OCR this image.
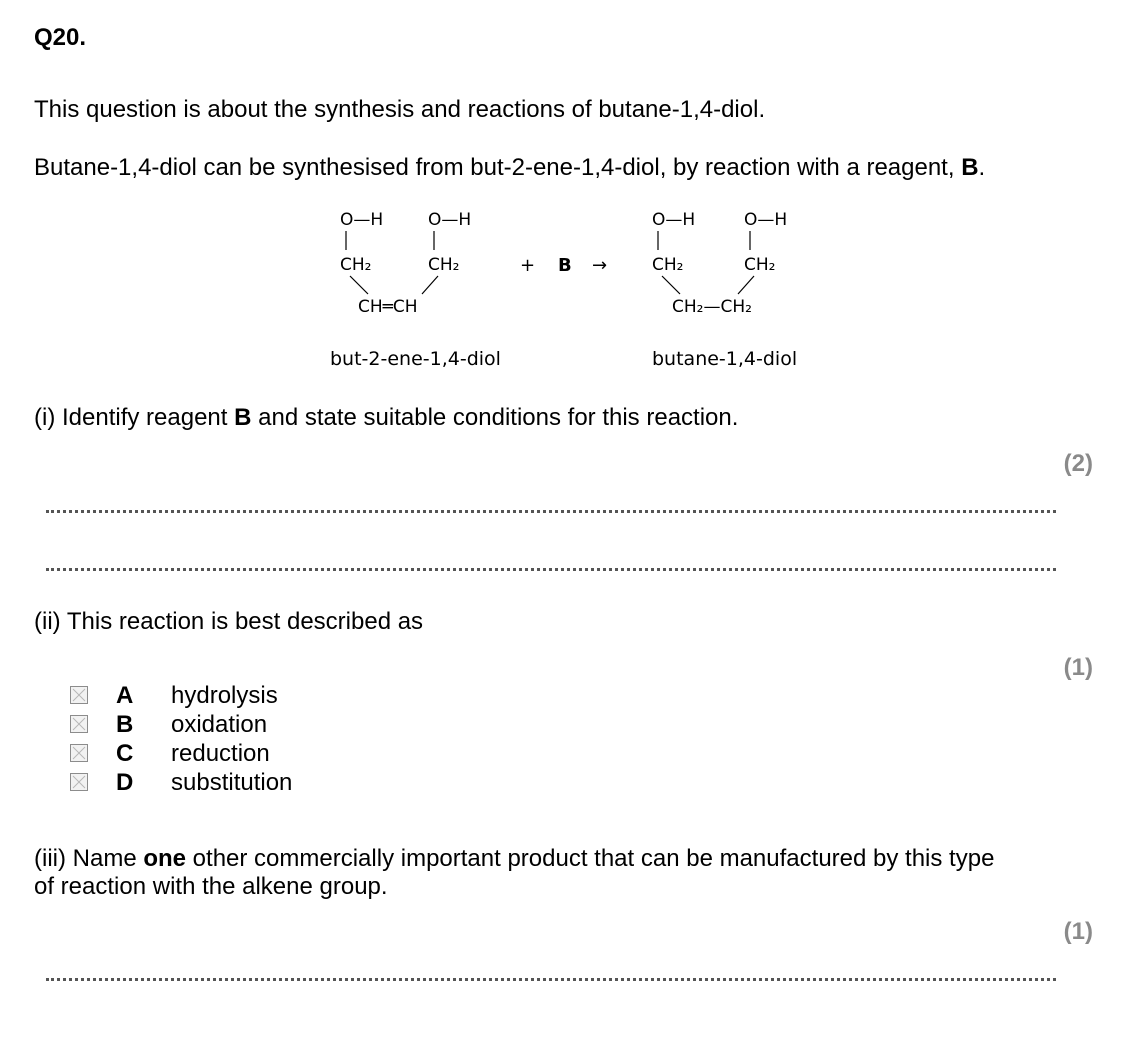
Q20.
This question is about the synthesis and reactions of butane-1,4-diol.
Butane-1,4-diol can be synthesised from but-2-ene-1,4-diol, by reaction with a reagent, B.
O—H	O—H
CH₂	CH₂
CH═CH
+ B →
O—H	O—H
CH₂	CH₂
CH₂—CH₂
but-2-ene-1,4-diol	butane-1,4-diol
(i) Identify reagent B and state suitable conditions for this reaction.
(2)
(ii) This reaction is best described as
(1)
A hydrolysis
B oxidation
C reduction
D substitution
(iii) Name one other commercially important product that can be manufactured by this type
of reaction with the alkene group.
(1)
